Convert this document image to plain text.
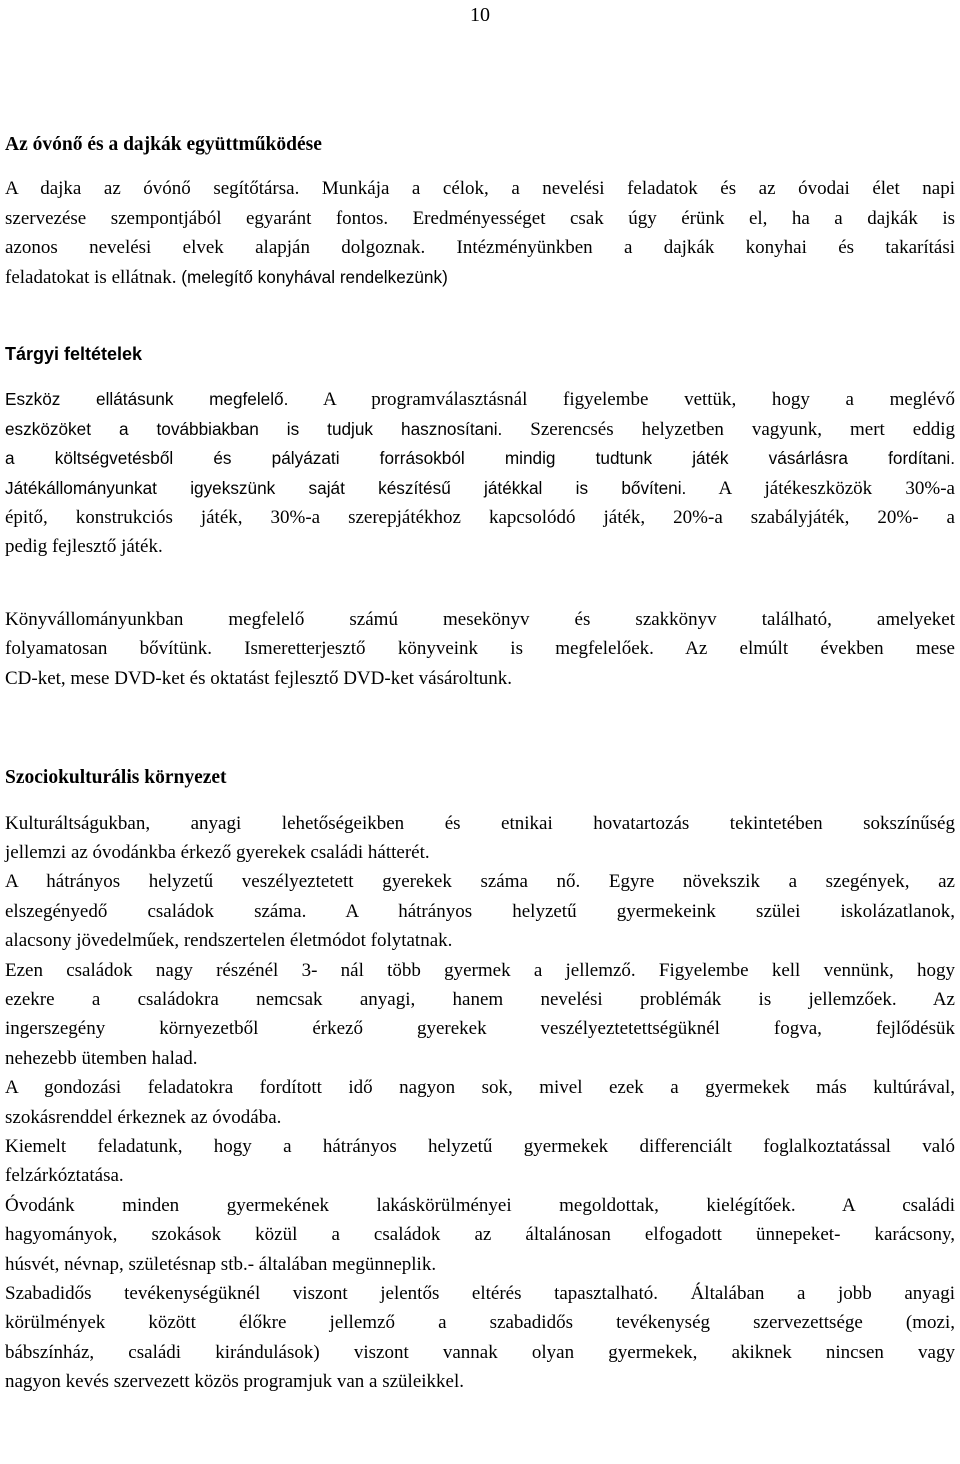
10
Az óvónő és a dajkák együttműködése

A dajka az óvónő segítőtársa. Munkája a célok, a nevelési feladatok és az óvodai élet napi
szervezése szempontjából egyaránt fontos. Eredményességet csak úgy érünk el, ha a dajkák is
azonos nevelési elvek alapján dolgoznak. Intézményünkben a dajkák konyhai és takarítási
feladatokat is ellátnak. (melegítő konyhával rendelkezünk)

Tárgyi feltételek

Eszköz ellátásunk megfelelő. A programválasztásnál figyelembe vettük, hogy a meglévő
eszközöket a továbbiakban is tudjuk hasznosítani. Szerencsés helyzetben vagyunk, mert eddig
a költségvetésből és pályázati forrásokból mindig tudtunk játék vásárlásra fordítani.
Játékállományunkat igyekszünk saját készítésű játékkal is bővíteni. A játékeszközök 30%-a
épitő, konstrukciós játék, 30%-a szerepjátékhoz kapcsolódó játék, 20%-a szabályjáték, 20%- a
pedig fejlesztő játék.

Könyvállományunkban megfelelő számú mesekönyv és szakkönyv található, amelyeket
folyamatosan bővítünk. Ismeretterjesztő könyveink is megfelelőek. Az elmúlt években mese
CD-ket, mese DVD-ket és oktatást fejlesztő DVD-ket vásároltunk.

Szociokulturális környezet

Kulturáltságukban, anyagi lehetőségeikben és etnikai hovatartozás tekintetében sokszínűség
jellemzi az óvodánkba érkező gyerekek családi hátterét.
A hátrányos helyzetű veszélyeztetett gyerekek száma nő. Egyre növekszik a szegények, az
elszegényedő családok száma. A hátrányos helyzetű gyermekeink szülei iskolázatlanok,
alacsony jövedelműek, rendszertelen életmódot folytatnak.
Ezen családok nagy részénél 3- nál több gyermek a jellemző. Figyelembe kell vennünk, hogy
ezekre a családokra nemcsak anyagi, hanem nevelési problémák is jellemzőek. Az
ingerszegény környezetből érkező gyerekek veszélyeztetettségüknél fogva, fejlődésük
nehezebb ütemben halad.
A gondozási feladatokra fordított idő nagyon sok, mivel ezek a gyermekek más kultúrával,
szokásrenddel érkeznek az óvodába.
Kiemelt feladatunk, hogy a hátrányos helyzetű gyermekek differenciált foglalkoztatással való
felzárkóztatása.
Óvodánk minden gyermekének lakáskörülményei megoldottak, kielégítőek. A családi
hagyományok, szokások közül a családok az általánosan elfogadott ünnepeket- karácsony,
húsvét, névnap, születésnap stb.- általában megünneplik.
Szabadidős tevékenységüknél viszont jelentős eltérés tapasztalható. Általában a jobb anyagi
körülmények között élőkre jellemző a szabadidős tevékenység szervezettsége (mozi,
bábszínház, családi kirándulások) viszont vannak olyan gyermekek, akiknek nincsen vagy
nagyon kevés szervezett közös programjuk van a szüleikkel.
